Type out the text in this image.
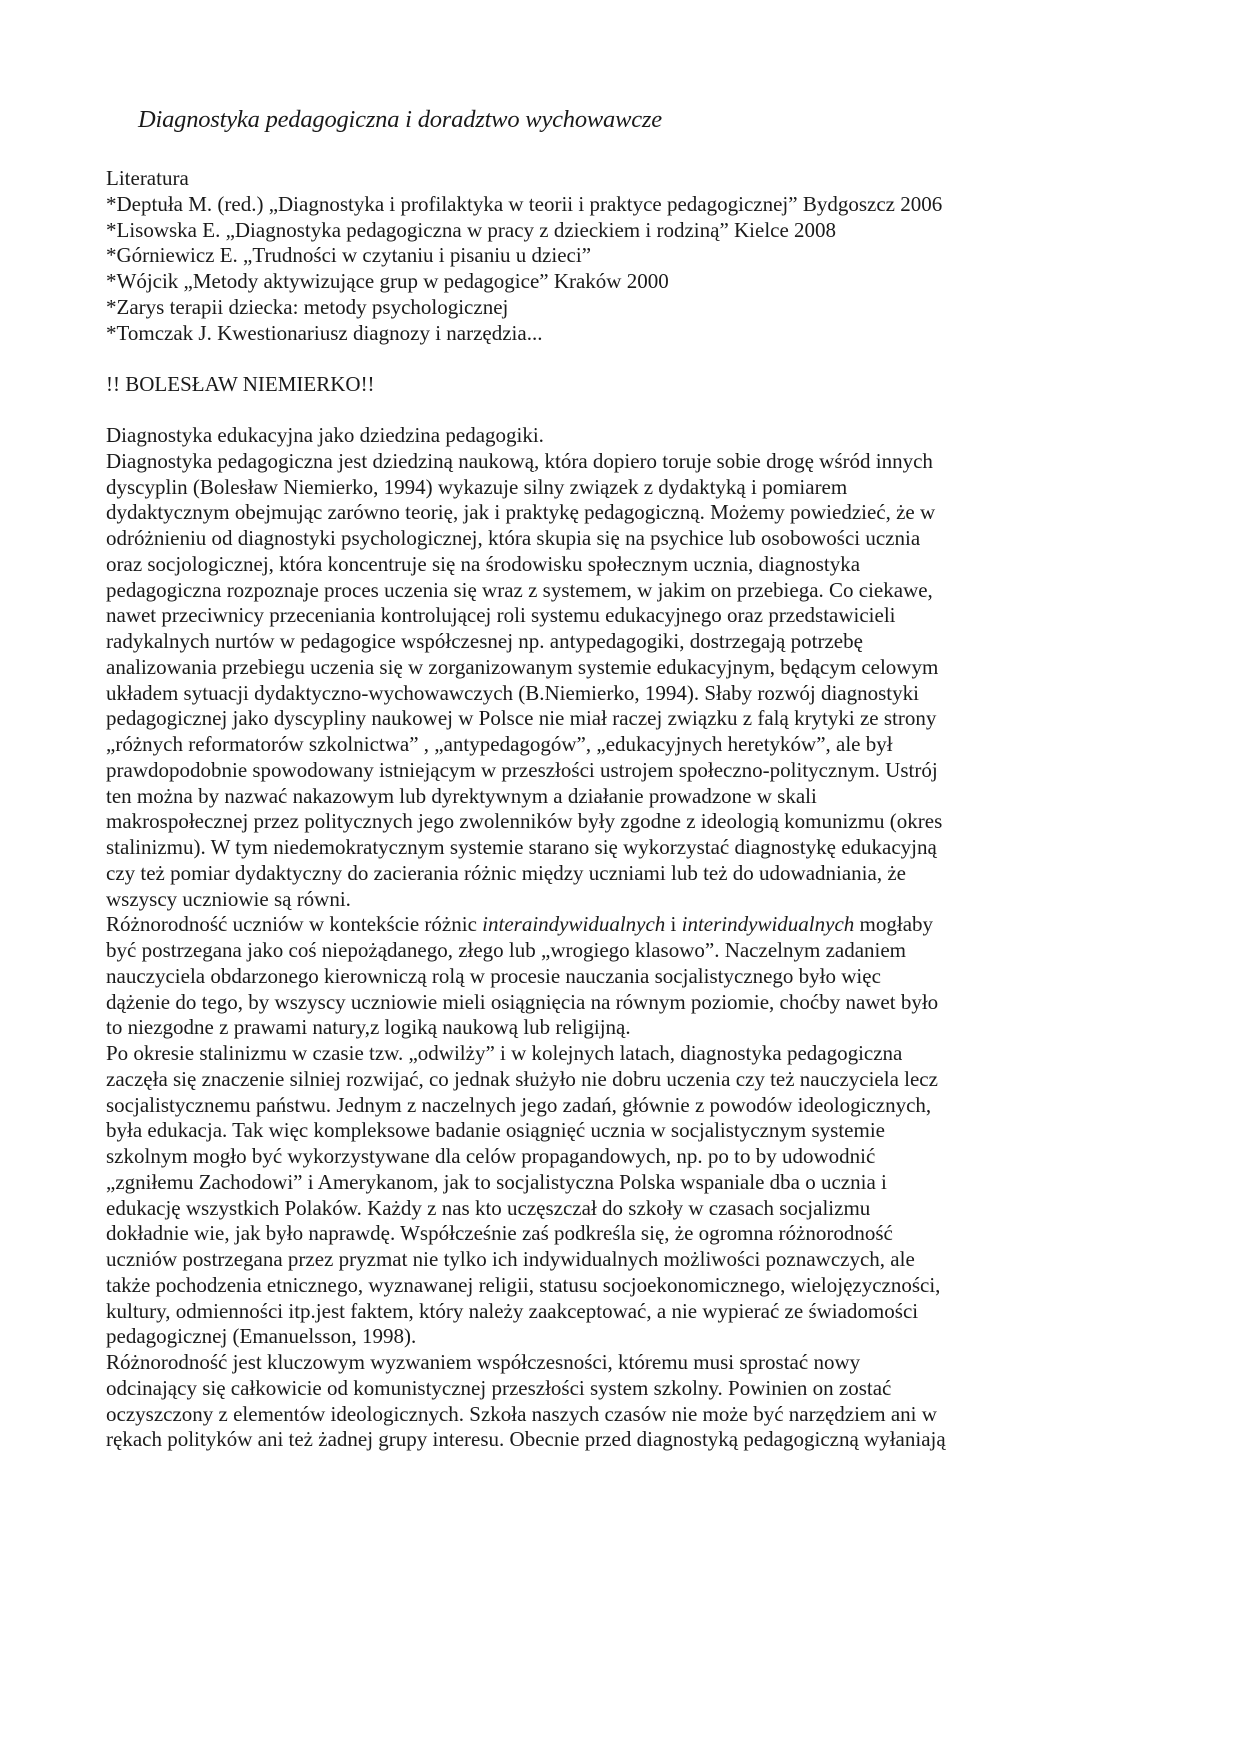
Diagnostyka pedagogiczna i doradztwo wychowawcze
Literatura
*Deptuła M. (red.) „Diagnostyka i profilaktyka w teorii i praktyce pedagogicznej” Bydgoszcz 2006
*Lisowska E. „Diagnostyka pedagogiczna w pracy z dzieckiem i rodziną” Kielce 2008
*Górniewicz E. „Trudności w czytaniu i pisaniu u dzieci”
*Wójcik „Metody aktywizujące grup w pedagogice” Kraków 2000
*Zarys terapii dziecka: metody psychologicznej
*Tomczak J. Kwestionariusz diagnozy i narzędzia...
!! BOLESŁAW NIEMIERKO!!
Diagnostyka edukacyjna jako dziedzina pedagogiki.
Diagnostyka pedagogiczna jest dziedziną naukową, która dopiero toruje sobie drogę wśród innych
dyscyplin (Bolesław Niemierko, 1994) wykazuje silny związek z dydaktyką i pomiarem
dydaktycznym obejmując zarówno teorię, jak i praktykę pedagogiczną. Możemy powiedzieć, że w
odróżnieniu od diagnostyki psychologicznej, która skupia się na psychice lub osobowości ucznia
oraz socjologicznej, która koncentruje się na środowisku społecznym ucznia, diagnostyka
pedagogiczna rozpoznaje proces uczenia się wraz z systemem, w jakim on przebiega. Co ciekawe,
nawet przeciwnicy przeceniania kontrolującej roli systemu edukacyjnego oraz przedstawicieli
radykalnych nurtów w pedagogice współczesnej np. antypedagogiki, dostrzegają potrzebę
analizowania przebiegu uczenia się w zorganizowanym systemie edukacyjnym, będącym celowym
układem sytuacji dydaktyczno-wychowawczych (B.Niemierko, 1994). Słaby rozwój diagnostyki
pedagogicznej jako dyscypliny naukowej w Polsce nie miał raczej związku z falą krytyki ze strony
„różnych reformatorów szkolnictwa” , „antypedagogów”, „edukacyjnych heretyków”, ale był
prawdopodobnie spowodowany istniejącym w przeszłości ustrojem społeczno-politycznym. Ustrój
ten można by nazwać nakazowym lub dyrektywnym a działanie prowadzone w skali
makrospołecznej przez politycznych jego zwolenników były zgodne z ideologią komunizmu (okres
stalinizmu). W tym niedemokratycznym systemie starano się wykorzystać diagnostykę edukacyjną
czy też pomiar dydaktyczny do zacierania różnic między uczniami lub też do udowadniania, że
wszyscy uczniowie są równi.
Różnorodność uczniów w kontekście różnic interaindywidualnych i interindywidualnych mogłaby
być postrzegana jako coś niepożądanego, złego lub „wrogiego klasowo”. Naczelnym zadaniem
nauczyciela obdarzonego kierowniczą rolą w procesie nauczania socjalistycznego było więc
dążenie do tego, by wszyscy uczniowie mieli osiągnięcia na równym poziomie, choćby nawet było
to niezgodne z prawami natury,z logiką naukową lub religijną.
Po okresie stalinizmu w czasie tzw. „odwilży” i w kolejnych latach, diagnostyka pedagogiczna
zaczęła się znaczenie silniej rozwijać, co jednak służyło nie dobru uczenia czy też nauczyciela lecz
socjalistycznemu państwu. Jednym z naczelnych jego zadań, głównie z powodów ideologicznych,
była edukacja. Tak więc kompleksowe badanie osiągnięć ucznia w socjalistycznym systemie
szkolnym mogło być wykorzystywane dla celów propagandowych, np. po to by udowodnić
„zgniłemu Zachodowi” i Amerykanom, jak to socjalistyczna Polska wspaniale dba o ucznia i
edukację wszystkich Polaków. Każdy z nas kto uczęszczał do szkoły w czasach socjalizmu
dokładnie wie, jak było naprawdę. Współcześnie zaś podkreśla się, że ogromna różnorodność
uczniów postrzegana przez pryzmat nie tylko ich indywidualnych możliwości poznawczych, ale
także pochodzenia etnicznego, wyznawanej religii, statusu socjoekonomicznego, wielojęzyczności,
kultury, odmienności itp.jest faktem, który należy zaakceptować, a nie wypierać ze świadomości
pedagogicznej (Emanuelsson, 1998).
Różnorodność jest kluczowym wyzwaniem współczesności, któremu musi sprostać nowy
odcinający się całkowicie od komunistycznej przeszłości system szkolny. Powinien on zostać
oczyszczony z elementów ideologicznych. Szkoła naszych czasów nie może być narzędziem ani w
rękach polityków ani też żadnej grupy interesu. Obecnie przed diagnostyką pedagogiczną wyłaniają
